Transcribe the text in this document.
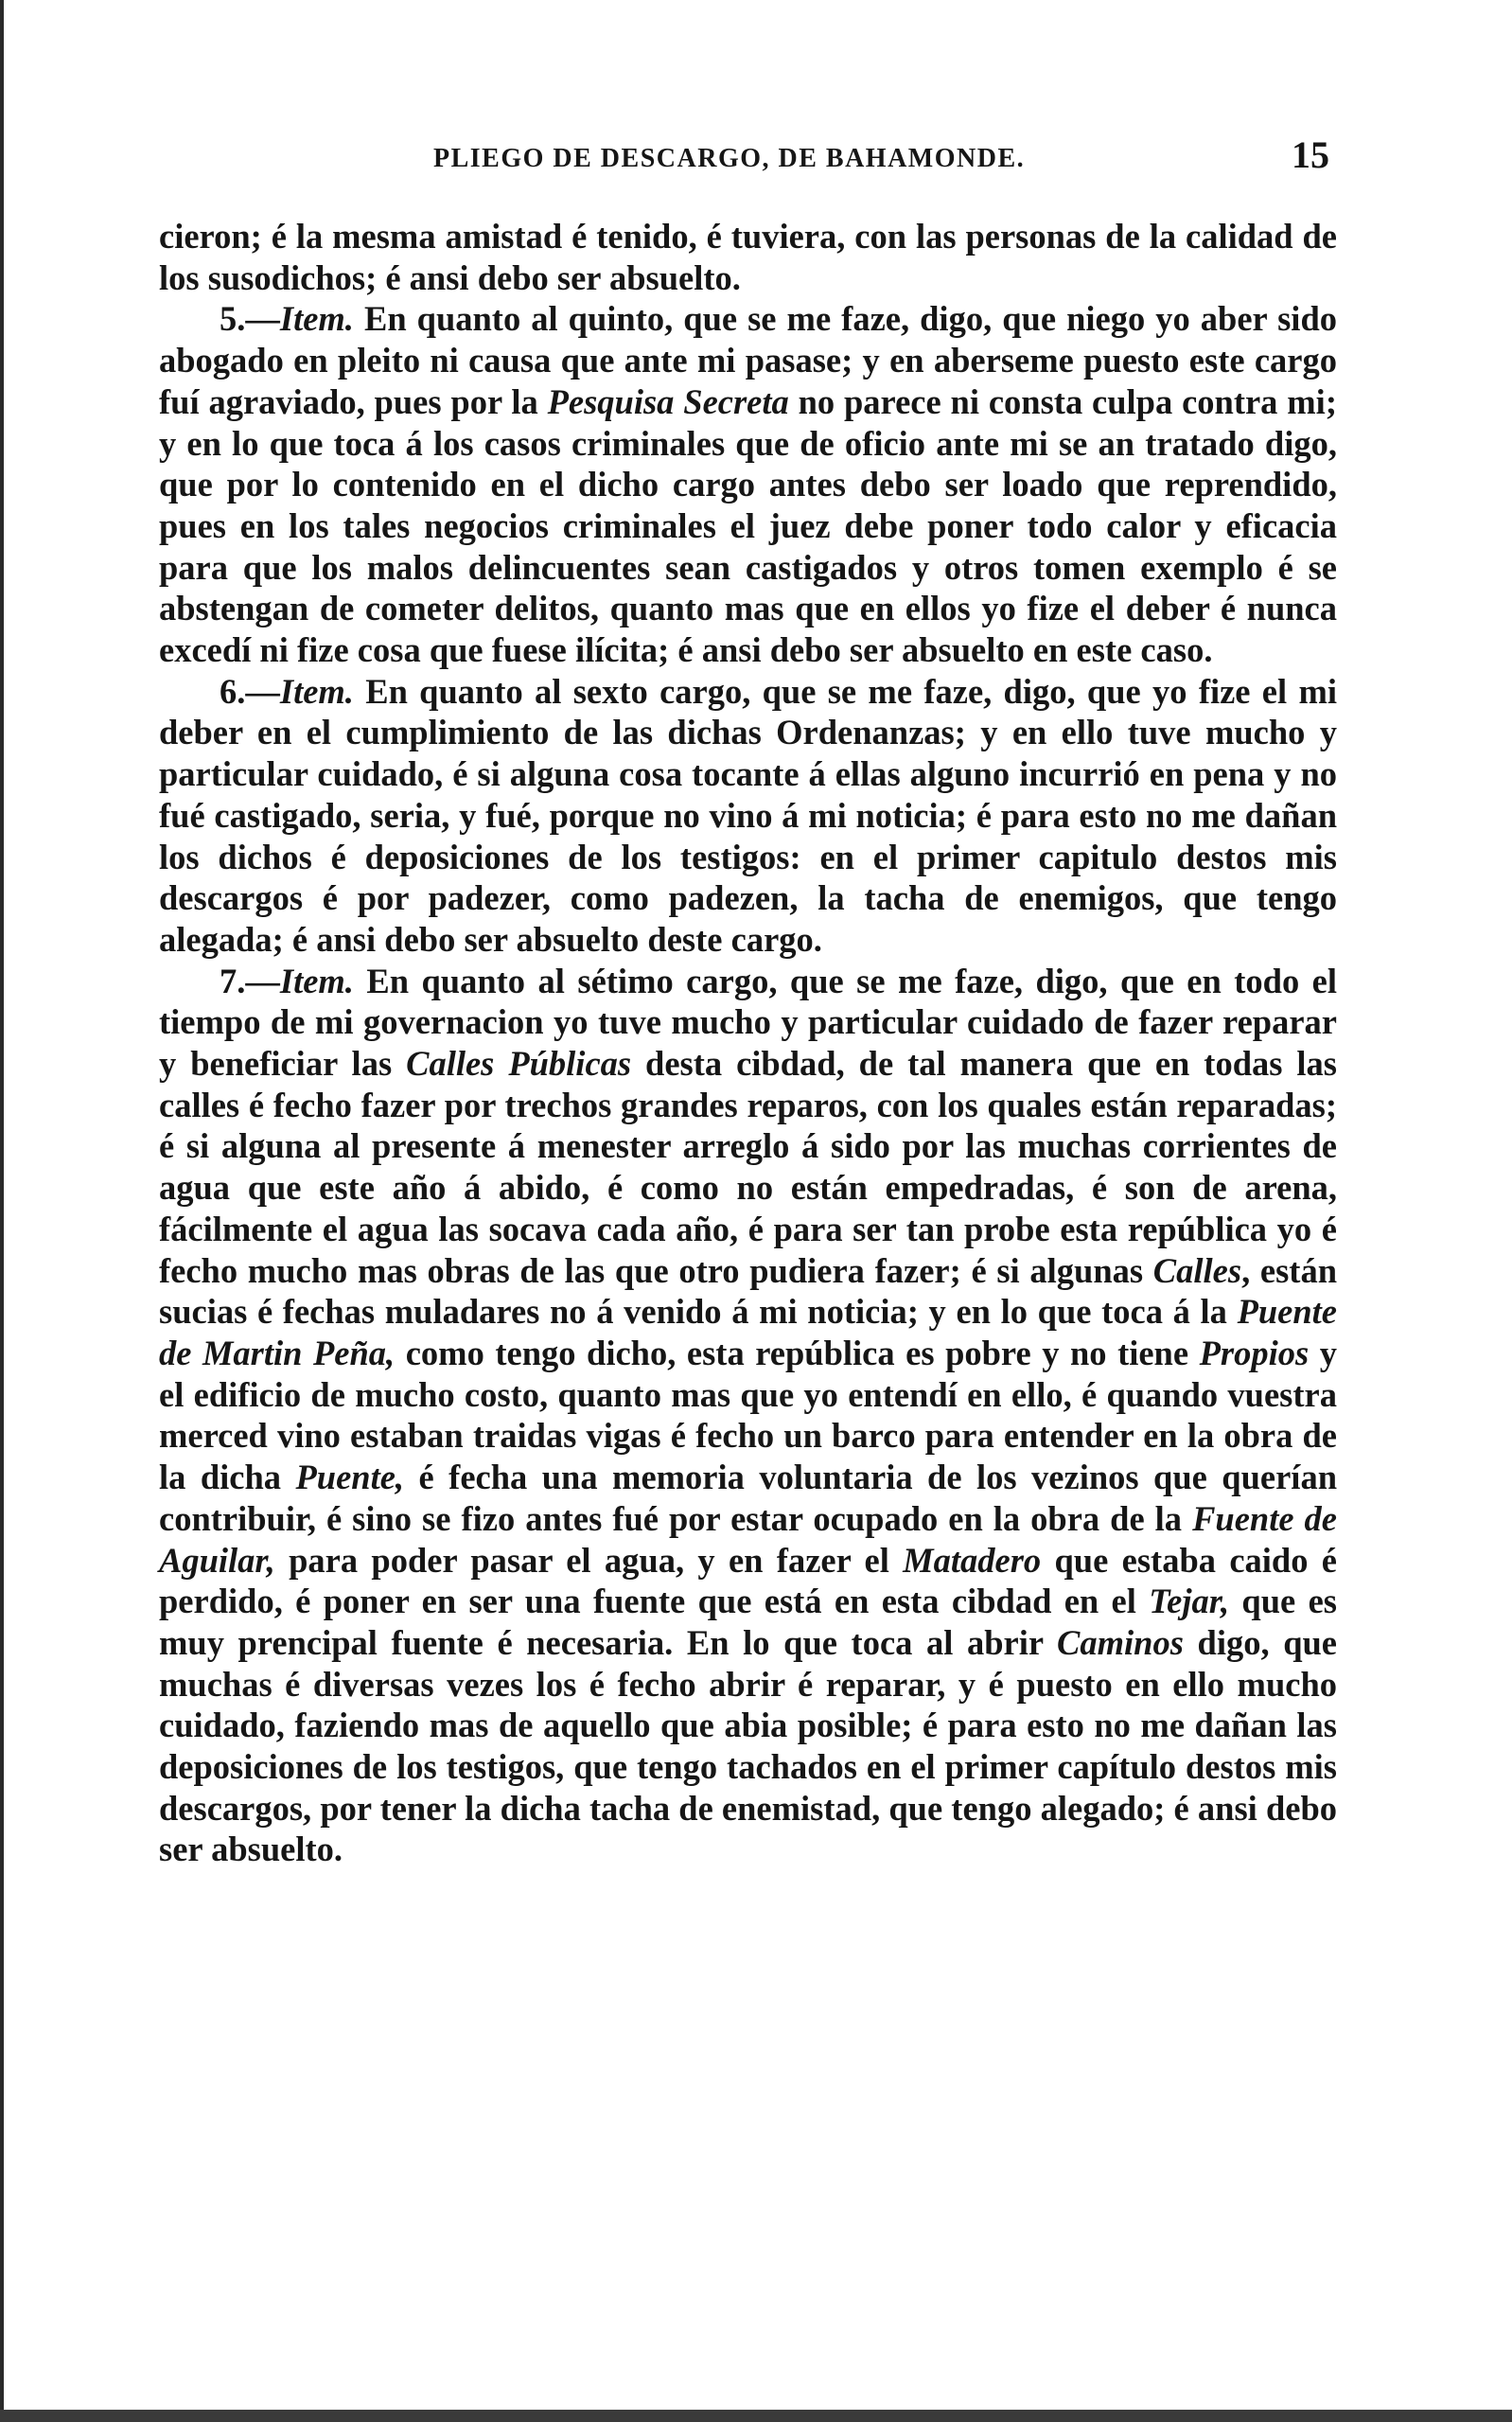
PLIEGO DE DESCARGO, DE BAHAMONDE.	15

cieron; é la mesma amistad é tenido, é tuviera, con las personas de la calidad de los susodichos; é ansi debo ser absuelto.

5.—Item. En quanto al quinto, que se me faze, digo, que niego yo aber sido abogado en pleito ni causa que ante mi pasase; y en aberseme puesto este cargo fuí agraviado, pues por la Pesquisa Secreta no parece ni consta culpa contra mi; y en lo que toca á los casos criminales que de oficio ante mi se an tratado digo, que por lo contenido en el dicho cargo antes debo ser loado que reprendido, pues en los tales negocios criminales el juez debe poner todo calor y eficacia para que los malos delincuentes sean castigados y otros tomen exemplo é se abstengan de cometer delitos, quanto mas que en ellos yo fize el deber é nunca excedí ni fize cosa que fuese ilícita; é ansi debo ser absuelto en este caso.

6.—Item. En quanto al sexto cargo, que se me faze, digo, que yo fize el mi deber en el cumplimiento de las dichas Ordenanzas; y en ello tuve mucho y particular cuidado, é si alguna cosa tocante á ellas alguno incurrió en pena y no fué castigado, seria, y fué, porque no vino á mi noticia; é para esto no me dañan los dichos é deposiciones de los testigos: en el primer capitulo destos mis descargos é por padezer, como padezen, la tacha de enemigos, que tengo alegada; é ansi debo ser absuelto deste cargo.

7.—Item. En quanto al sétimo cargo, que se me faze, digo, que en todo el tiempo de mi governacion yo tuve mucho y particular cuidado de fazer reparar y beneficiar las Calles Públicas desta cibdad, de tal manera que en todas las calles é fecho fazer por trechos grandes reparos, con los quales están reparadas; é si alguna al presente á menester arreglo á sido por las muchas corrientes de agua que este año á abido, é como no están empedradas, é son de arena, fácilmente el agua las socava cada año, é para ser tan probe esta república yo é fecho mucho mas obras de las que otro pudiera fazer; é si algunas Calles, están sucias é fechas muladares no á venido á mi noticia; y en lo que toca á la Puente de Martin Peña, como tengo dicho, esta república es pobre y no tiene Propios y el edificio de mucho costo, quanto mas que yo entendí en ello, é quando vuestra merced vino estaban traidas vigas é fecho un barco para entender en la obra de la dicha Puente, é fecha una memoria voluntaria de los vezinos que querían contribuir, é sino se fizo antes fué por estar ocupado en la obra de la Fuente de Aguilar, para poder pasar el agua, y en fazer el Matadero que estaba caido é perdido, é poner en ser una fuente que está en esta cibdad en el Tejar, que es muy prencipal fuente é necesaria. En lo que toca al abrir Caminos digo, que muchas é diversas vezes los é fecho abrir é reparar, y é puesto en ello mucho cuidado, faziendo mas de aquello que abia posible; é para esto no me dañan las deposiciones de los testigos, que tengo tachados en el primer capítulo destos mis descargos, por tener la dicha tacha de enemistad, que tengo alegado; é ansi debo ser absuelto.
